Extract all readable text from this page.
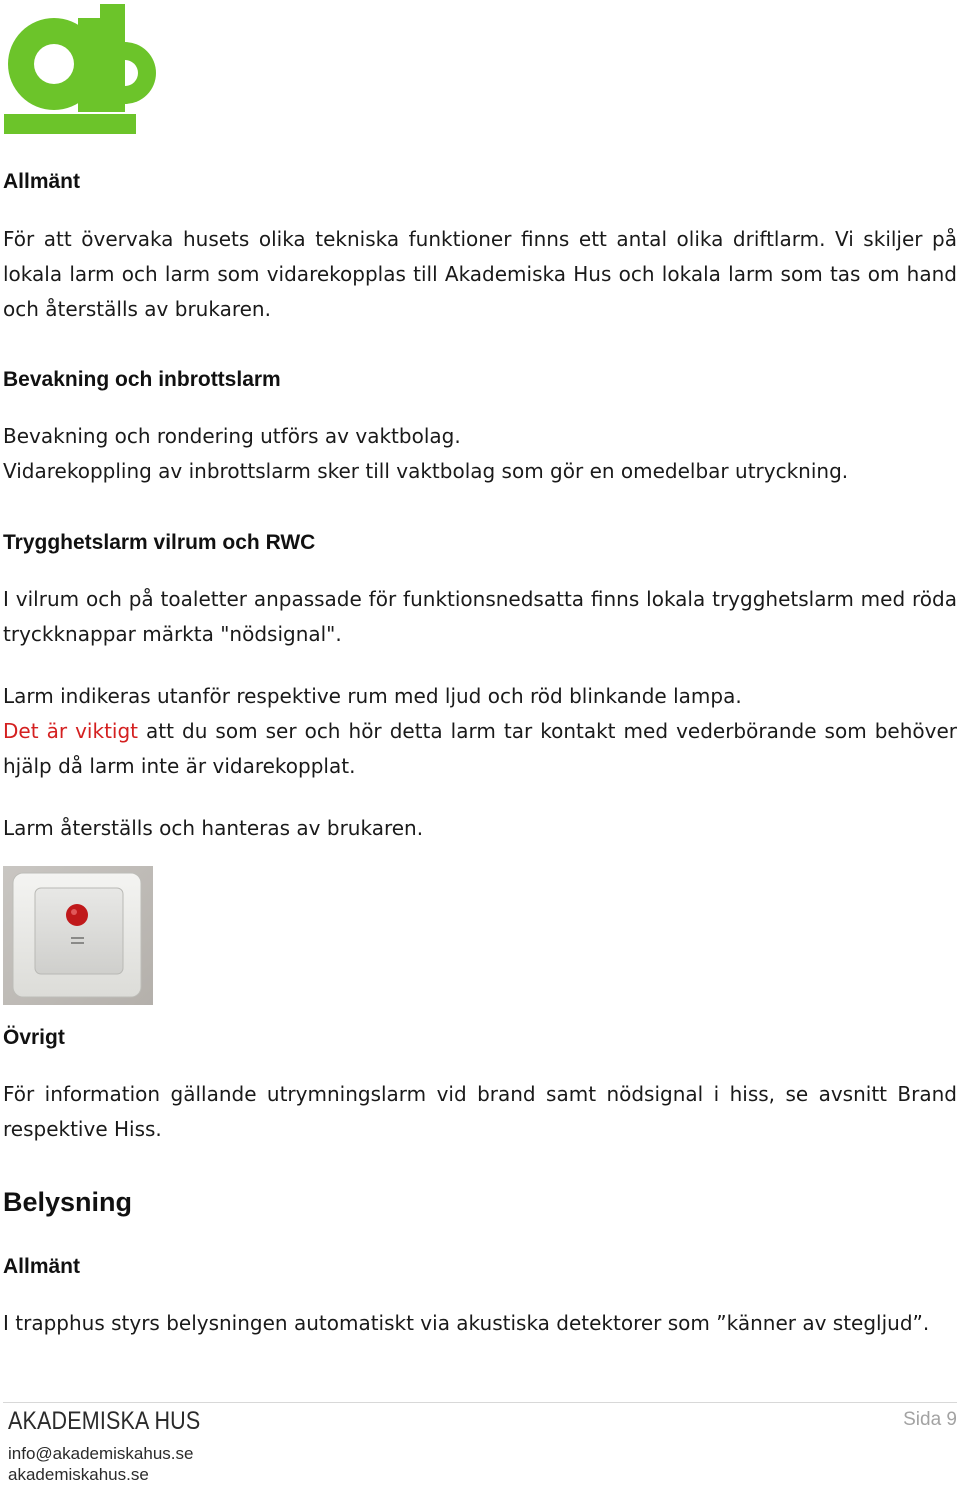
Allmänt

För att övervaka husets olika tekniska funktioner finns ett antal olika driftlarm. Vi skiljer på lokala larm och larm som vidarekopplas till Akademiska Hus och lokala larm som tas om hand och återställs av brukaren.

Bevakning och inbrottslarm

Bevakning och rondering utförs av vaktbolag.
Vidarekoppling av inbrottslarm sker till vaktbolag som gör en omedelbar utryckning.

Trygghetslarm vilrum och RWC

I vilrum och på toaletter anpassade för funktionsnedsatta finns lokala trygghetslarm med röda tryckknappar märkta "nödsignal".

Larm indikeras utanför respektive rum med ljud och röd blinkande lampa.
Det är viktigt att du som ser och hör detta larm tar kontakt med vederbörande som behöver hjälp då larm inte är vidarekopplat.

Larm återställs och hanteras av brukaren.

Övrigt

För information gällande utrymningslarm vid brand samt nödsignal i hiss, se avsnitt Brand respektive Hiss.

Belysning
Allmänt

I trapphus styrs belysningen automatiskt via akustiska detektorer som ”känner av stegljud”.

AKADEMISKA HUS
info@akademiskahus.se
akademiskahus.se
Sida 9
